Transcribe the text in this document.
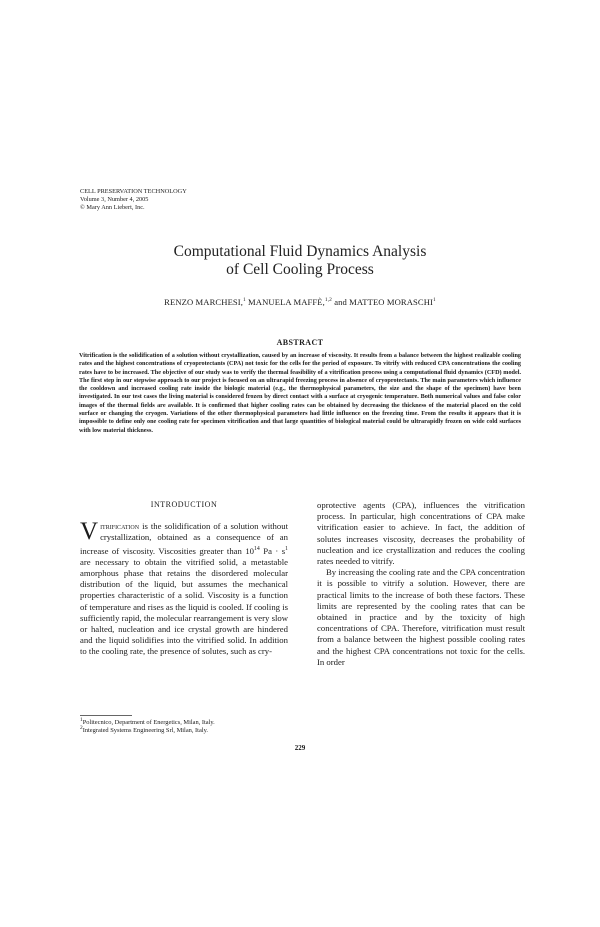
CELL PRESERVATION TECHNOLOGY
Volume 3, Number 4, 2005
© Mary Ann Liebert, Inc.
Computational Fluid Dynamics Analysis
of Cell Cooling Process
RENZO MARCHESI,$^1$ MANUELA MAFFÈ,$^{1,2}$ and MATTEO MORASCHI$^1$
ABSTRACT
Vitrification is the solidification of a solution without crystallization, caused by an increase of viscosity. It results from a balance between the highest realizable cooling rates and the highest concentrations of cryoprotectants (CPA) not toxic for the cells for the period of exposure. To vitrify with reduced CPA concentrations the cooling rates have to be increased. The objective of our study was to verify the thermal feasibility of a vitrification process using a computational fluid dynamics (CFD) model. The first step in our stepwise approach to our project is focused on an ultrarapid freezing process in absence of cryoprotectants. The main parameters which influence the cooldown and increased cooling rate inside the biologic material (e.g., the thermophysical parameters, the size and the shape of the specimen) have been investigated. In our test cases the living material is considered frozen by direct contact with a surface at cryogenic temperature. Both numerical values and false color images of the thermal fields are available. It is confirmed that higher cooling rates can be obtained by decreasing the thickness of the material placed on the cold surface or changing the cryogen. Variations of the other thermophysical parameters had little influence on the freezing time. From the results it appears that it is impossible to define only one cooling rate for specimen vitrification and that large quantities of biological material could be ultrarapidly frozen on wide cold surfaces with low material thickness.
INTRODUCTION

Vitrification is the solidification of a solution without crystallization, obtained as a consequence of an increase of viscosity. Viscosities greater than $10^{14}$ $Pa \cdot s^1$ are necessary to obtain the vitrified solid, a metastable amorphous phase that retains the disordered molecular distribution of the liquid, but assumes the mechanical properties characteristic of a solid. Viscosity is a function of temperature and rises as the liquid is cooled. If cooling is sufficiently rapid, the molecular rearrangement is very slow or halted, nucleation and ice crystal growth are hindered and the liquid solidifies into the vitrified solid. In addition to the cooling rate, the presence of solutes, such as cry-

oprotective agents (CPA), influences the vitrification process. In particular, high concentrations of CPA make vitrification easier to achieve. In fact, the addition of solutes increases viscosity, decreases the probability of nucleation and ice crystallization and reduces the cooling rates needed to vitrify.

By increasing the cooling rate and the CPA concentration it is possible to vitrify a solution. However, there are practical limits to the increase of both these factors. These limits are represented by the cooling rates that can be obtained in practice and by the toxicity of high concentrations of CPA. Therefore, vitrification must result from a balance between the highest possible cooling rates and the highest CPA concentrations not toxic for the cells. In order

$^1$Politecnico, Department of Energetics, Milan, Italy.
$^2$Integrated Systems Engineering Srl, Milan, Italy.
229
